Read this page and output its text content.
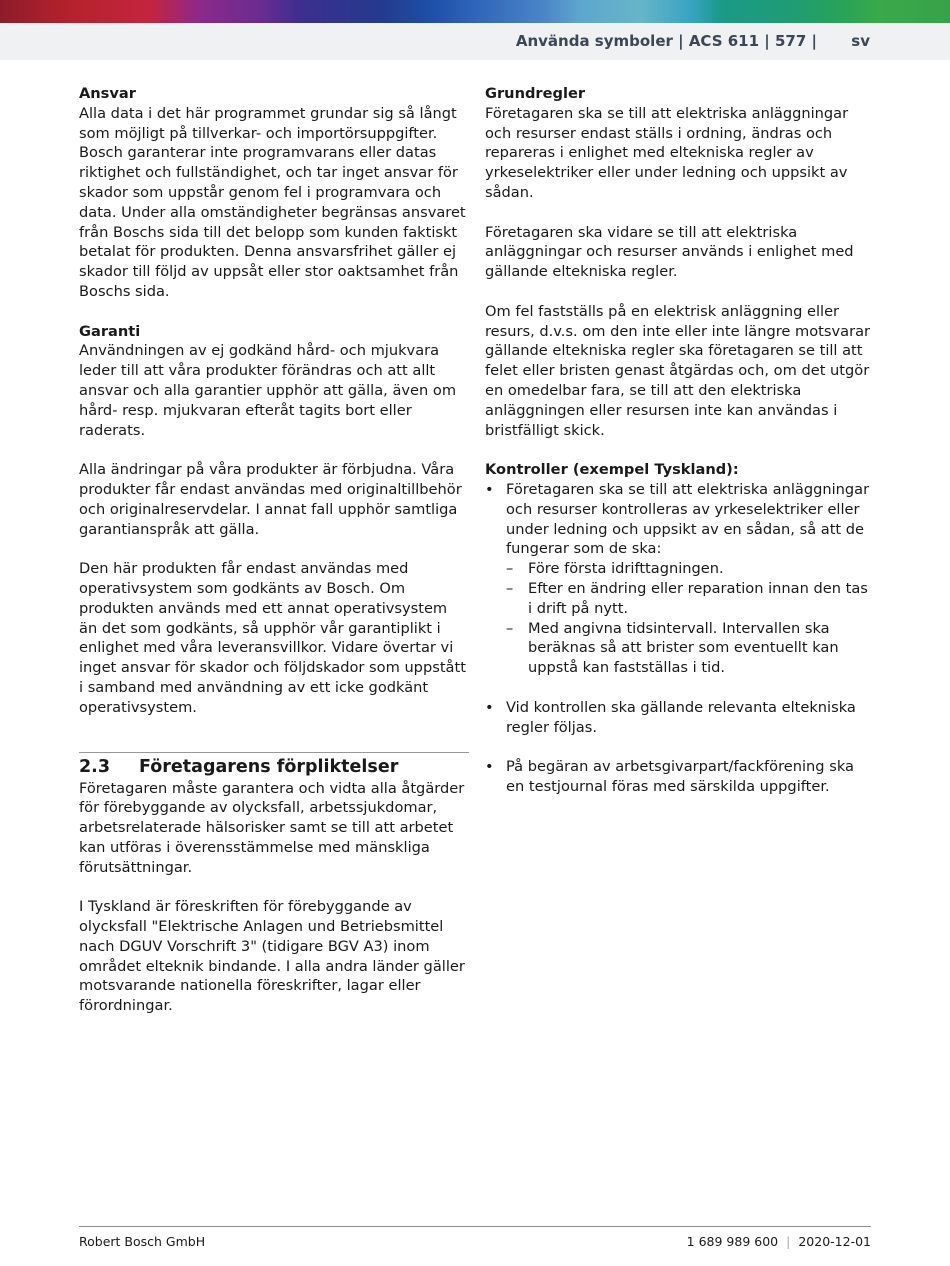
Använda symboler | ACS 611 | 577 | sv

Ansvar

Alla data i det här programmet grundar sig så långt som möjligt på tillverkar- och importörsuppgifter. Bosch garanterar inte programvarans eller datas riktighet och fullständighet, och tar inget ansvar för skador som uppstår genom fel i programvara och data. Under alla omständigheter begränsas ansvaret från Boschs sida till det belopp som kunden faktiskt betalat för produkten. Denna ansvarsfrihet gäller ej skador till följd av uppsåt eller stor oaktsamhet från Boschs sida.

Garanti

Användningen av ej godkänd hård- och mjukvara leder till att våra produkter förändras och att allt ansvar och alla garantier upphör att gälla, även om hård- resp. mjukvaran efteråt tagits bort eller raderats.

Alla ändringar på våra produkter är förbjudna. Våra produkter får endast användas med originaltillbehör och originalreservdelar. I annat fall upphör samtliga garantianspråk att gälla.

Den här produkten får endast användas med operativsystem som godkänts av Bosch. Om produkten används med ett annat operativsystem än det som godkänts, så upphör vår garantiplikt i enlighet med våra leveransvillkor. Vidare övertar vi inget ansvar för skador och följdskador som uppstått i samband med användning av ett icke godkänt operativsystem.

2.3 Företagarens förpliktelser

Företagaren måste garantera och vidta alla åtgärder för förebyggande av olycksfall, arbetssjukdomar, arbetsrelaterade hälsorisker samt se till att arbetet kan utföras i överensstämmelse med mänskliga förutsättningar.

I Tyskland är föreskriften för förebyggande av olycksfall "Elektrische Anlagen und Betriebsmittel nach DGUV Vorschrift 3" (tidigare BGV A3) inom området elteknik bindande. I alla andra länder gäller motsvarande nationella föreskrifter, lagar eller förordningar.

Grundregler

Företagaren ska se till att elektriska anläggningar och resurser endast ställs i ordning, ändras och repareras i enlighet med eltekniska regler av yrkeselektriker eller under ledning och uppsikt av sådan.

Företagaren ska vidare se till att elektriska anläggningar och resurser används i enlighet med gällande eltekniska regler.

Om fel fastställs på en elektrisk anläggning eller resurs, d.v.s. om den inte eller inte längre motsvarar gällande eltekniska regler ska företagaren se till att felet eller bristen genast åtgärdas och, om det utgör en omedelbar fara, se till att den elektriska anläggningen eller resursen inte kan användas i bristfälligt skick.

Kontroller (exempel Tyskland):

• Företagaren ska se till att elektriska anläggningar och resurser kontrolleras av yrkeselektriker eller under ledning och uppsikt av en sådan, så att de fungerar som de ska:
– Före första idrifttagningen.
– Efter en ändring eller reparation innan den tas i drift på nytt.
– Med angivna tidsintervall. Intervallen ska beräknas så att brister som eventuellt kan uppstå kan fastställas i tid.
• Vid kontrollen ska gällande relevanta eltekniska regler följas.
• På begäran av arbetsgivarpart/fackförening ska en testjournal föras med särskilda uppgifter.
Robert Bosch GmbH	1 689 989 600 | 2020-12-01
